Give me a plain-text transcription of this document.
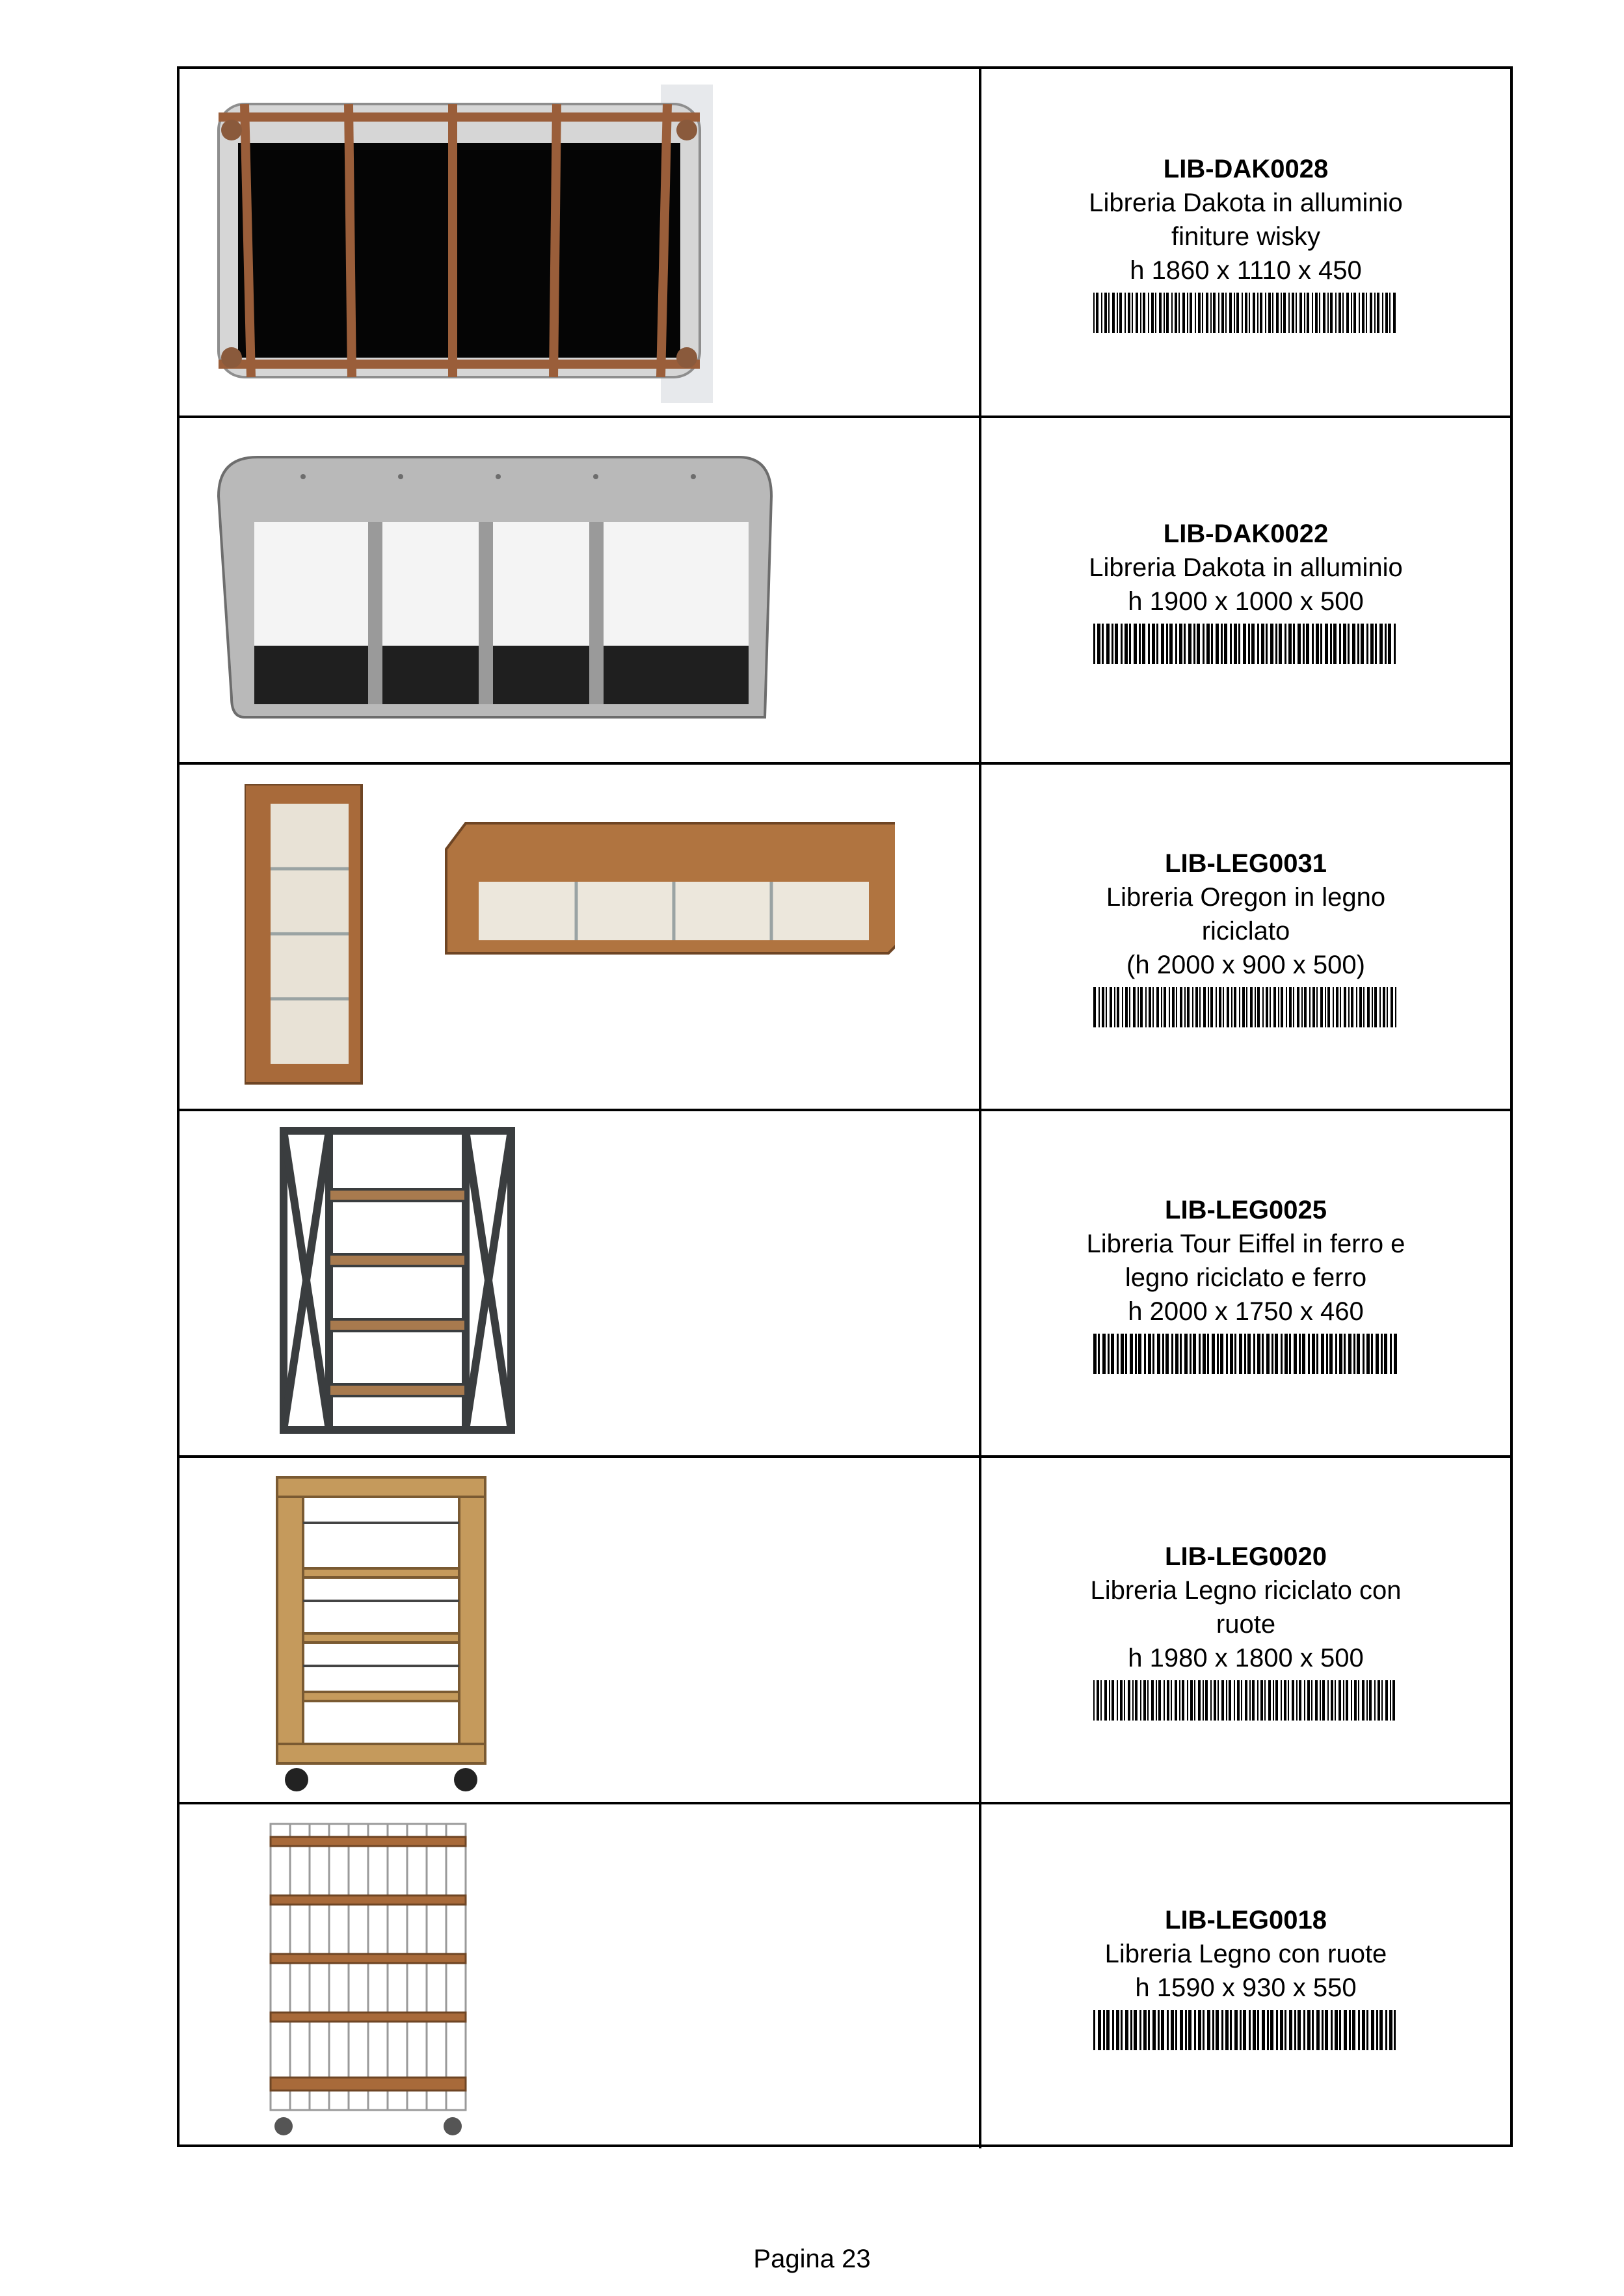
LIB-DAK0028
Libreria Dakota in alluminio
finiture wisky
h 1860 x 1110 x 450
LIB-DAK0022
Libreria Dakota in alluminio
h 1900 x 1000 x 500
LIB-LEG0031
Libreria Oregon in legno
riciclato
(h 2000 x 900 x 500)
LIB-LEG0025
Libreria Tour Eiffel in ferro e
legno riciclato e ferro
h 2000 x 1750 x 460
LIB-LEG0020
Libreria Legno riciclato con
ruote
h 1980 x 1800 x 500
LIB-LEG0018
Libreria Legno con ruote
h 1590 x 930 x 550
Pagina 23
